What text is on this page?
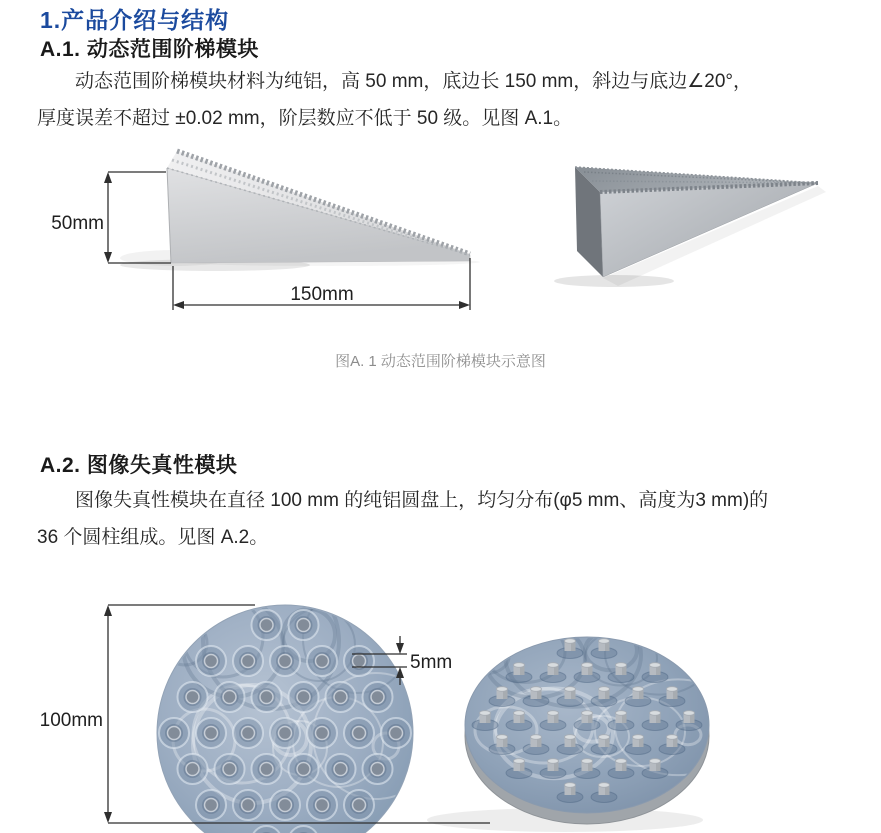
1.产品介绍与结构
A.1. 动态范围阶梯模块
动态范围阶梯模块材料为纯铝，高 50 mm，底边长 150 mm，斜边与底边∠20°，
厚度误差不超过 ±0.02 mm，阶层数应不低于 50 级。见图 A.1。
50mm
150mm
图A. 1 动态范围阶梯模块示意图
A.2. 图像失真性模块
图像失真性模块在直径 100 mm 的纯铝圆盘上，均匀分布(φ5 mm、高度为3 mm)的
36 个圆柱组成。见图 A.2。
100mm
5mm
